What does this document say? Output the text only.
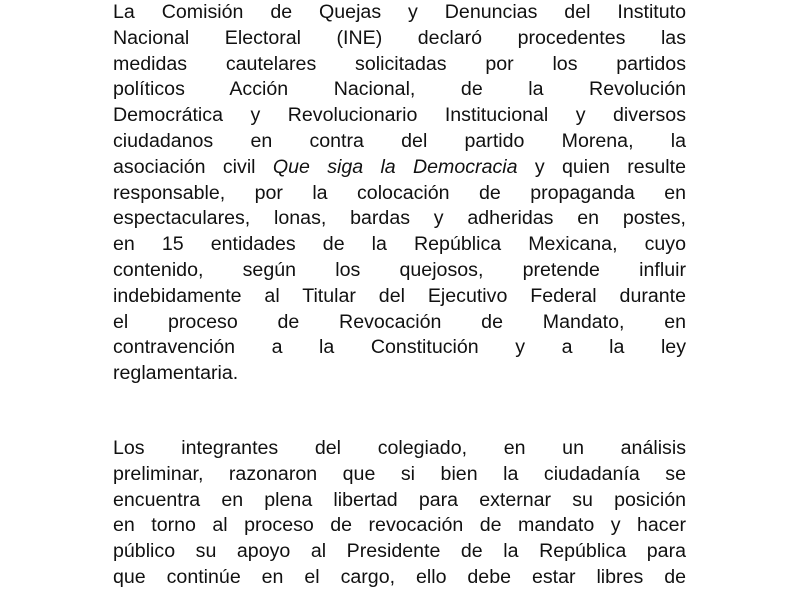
La Comisión de Quejas y Denuncias del Instituto
Nacional Electoral (INE) declaró procedentes las
medidas cautelares solicitadas por los partidos
políticos Acción Nacional, de la Revolución
Democrática y Revolucionario Institucional y diversos
ciudadanos en contra del partido Morena, la
asociación civil Que siga la Democracia y quien resulte
responsable, por la colocación de propaganda en
espectaculares, lonas, bardas y adheridas en postes,
en 15 entidades de la República Mexicana, cuyo
contenido, según los quejosos, pretende influir
indebidamente al Titular del Ejecutivo Federal durante
el proceso de Revocación de Mandato, en
contravención a la Constitución y a la ley
reglamentaria.
Los integrantes del colegiado, en un análisis
preliminar, razonaron que si bien la ciudadanía se
encuentra en plena libertad para externar su posición
en torno al proceso de revocación de mandato y hacer
público su apoyo al Presidente de la República para
que continúe en el cargo, ello debe estar libres de
